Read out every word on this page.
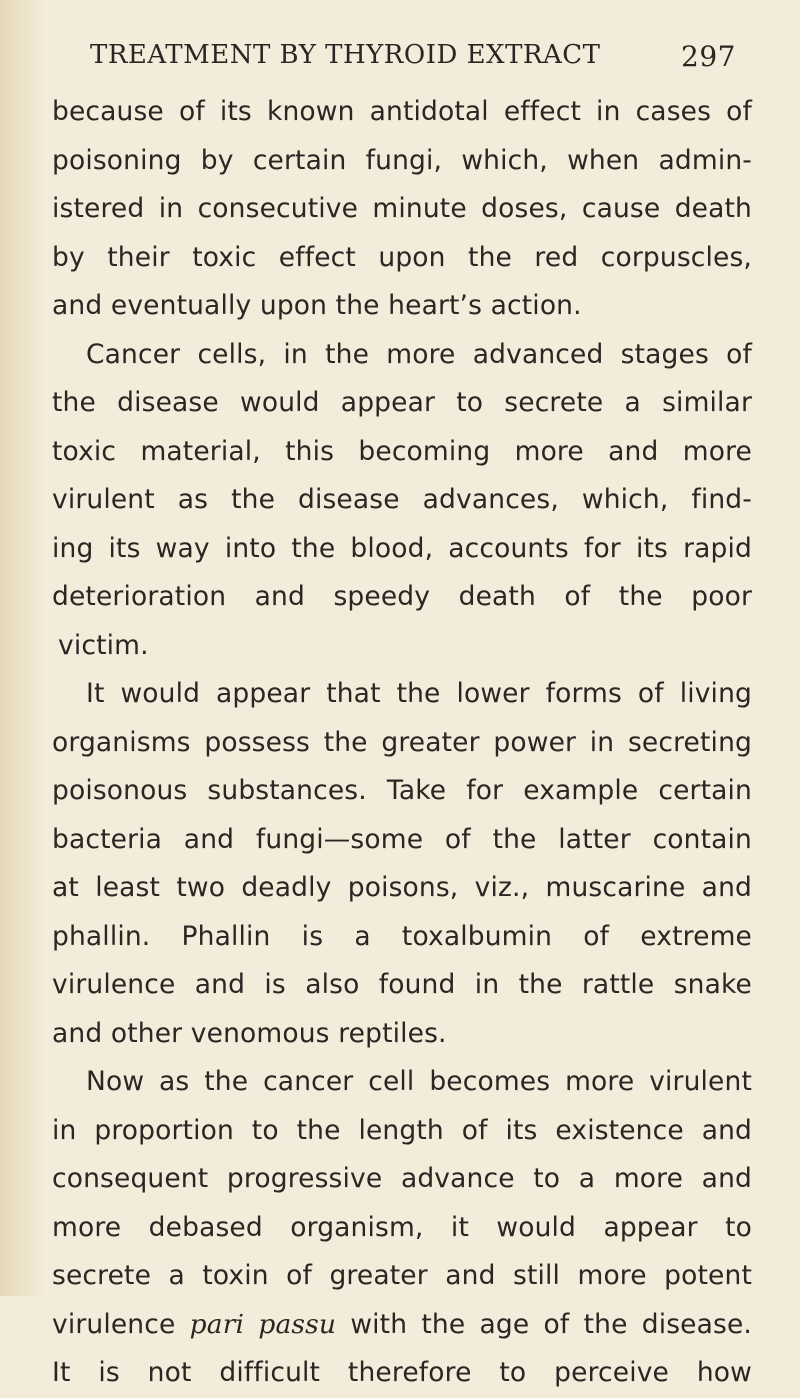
TREATMENT BY THYROID EXTRACT	297
because of its known antidotal effect in cases of
poisoning by certain fungi, which, when admin-
istered in consecutive minute doses, cause death
by their toxic effect upon the red corpuscles,
and eventually upon the heart’s action.
Cancer cells, in the more advanced stages of
the disease would appear to secrete a similar
toxic material, this becoming more and more
virulent as the disease advances, which, find-
ing its way into the blood, accounts for its rapid
deterioration and speedy death of the poor
victim.
It would appear that the lower forms of living
organisms possess the greater power in secreting
poisonous substances. Take for example certain
bacteria and fungi—some of the latter contain
at least two deadly poisons, viz., muscarine and
phallin. Phallin is a toxalbumin of extreme
virulence and is also found in the rattle snake
and other venomous reptiles.
Now as the cancer cell becomes more virulent
in proportion to the length of its existence and
consequent progressive advance to a more and
more debased organism, it would appear to
secrete a toxin of greater and still more potent
virulence pari passu with the age of the disease.
It is not difficult therefore to perceive how
